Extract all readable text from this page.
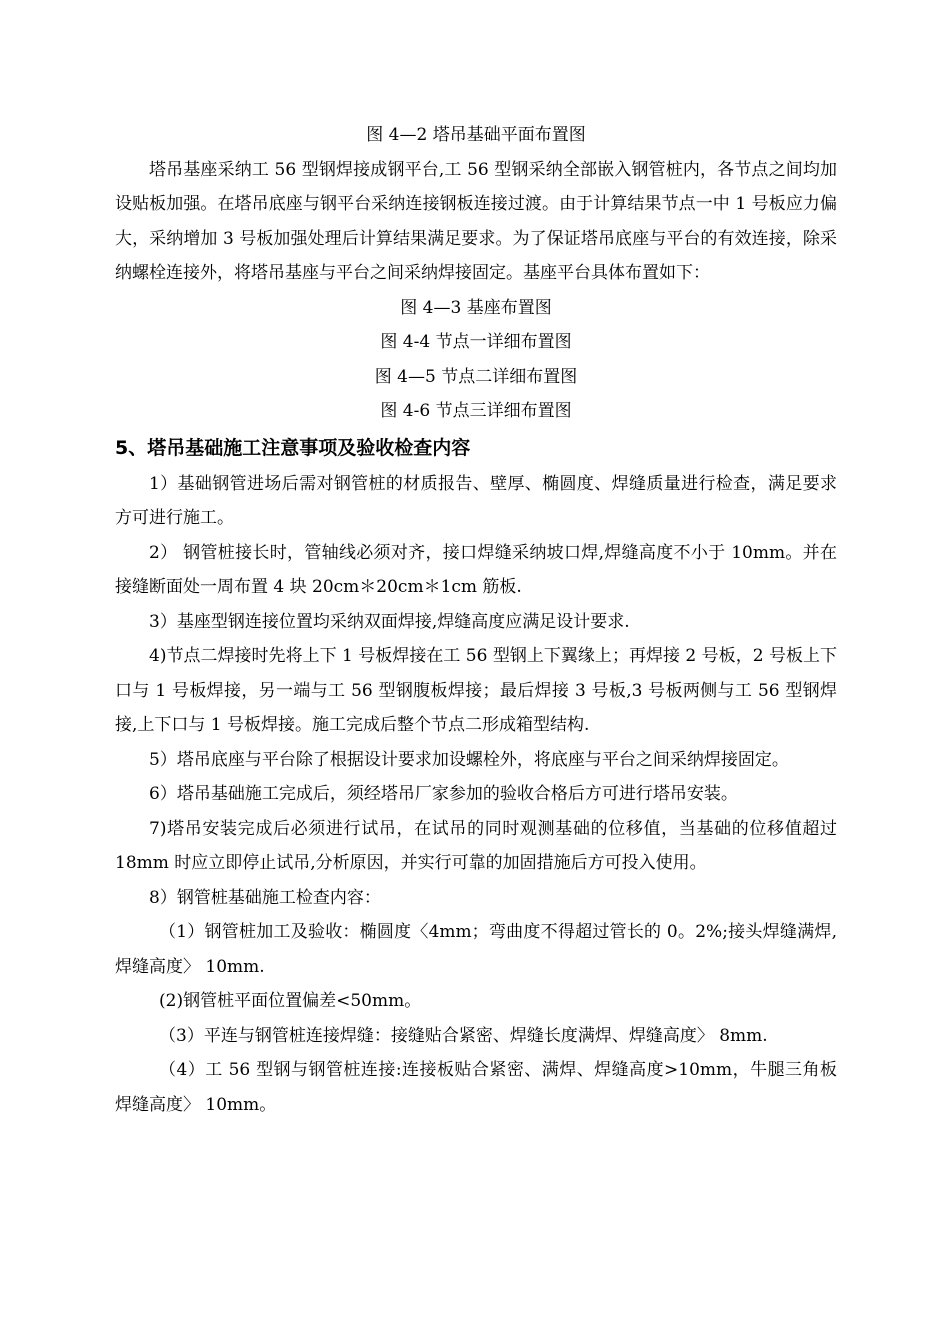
图 4—2 塔吊基础平面布置图

塔吊基座采纳工 56 型钢焊接成钢平台,工 56 型钢采纳全部嵌入钢管桩内，各节点之间均加设贴板加强。在塔吊底座与钢平台采纳连接钢板连接过渡。由于计算结果节点一中 1 号板应力偏大，采纳增加 3 号板加强处理后计算结果满足要求。为了保证塔吊底座与平台的有效连接，除采纳螺栓连接外，将塔吊基座与平台之间采纳焊接固定。基座平台具体布置如下：

图 4—3 基座布置图

图 4-4 节点一详细布置图

图 4—5 节点二详细布置图

图 4-6 节点三详细布置图

5、塔吊基础施工注意事项及验收检查内容

1）基础钢管进场后需对钢管桩的材质报告、壁厚、椭圆度、焊缝质量进行检查，满足要求方可进行施工。

2） 钢管桩接长时，管轴线必须对齐，接口焊缝采纳坡口焊,焊缝高度不小于 10mm。并在接缝断面处一周布置 4 块 20cm＊20cm＊1cm 筋板.

3）基座型钢连接位置均采纳双面焊接,焊缝高度应满足设计要求.

4)节点二焊接时先将上下 1 号板焊接在工 56 型钢上下翼缘上；再焊接 2 号板，2 号板上下口与 1 号板焊接，另一端与工 56 型钢腹板焊接；最后焊接 3 号板,3 号板两侧与工 56 型钢焊接,上下口与 1 号板焊接。施工完成后整个节点二形成箱型结构.

5）塔吊底座与平台除了根据设计要求加设螺栓外，将底座与平台之间采纳焊接固定。

6）塔吊基础施工完成后，须经塔吊厂家参加的验收合格后方可进行塔吊安装。

7)塔吊安装完成后必须进行试吊，在试吊的同时观测基础的位移值，当基础的位移值超过 18mm 时应立即停止试吊,分析原因，并实行可靠的加固措施后方可投入使用。

8）钢管桩基础施工检查内容：

（1）钢管桩加工及验收：椭圆度〈4mm；弯曲度不得超过管长的 0。2%;接头焊缝满焊,焊缝高度〉 10mm.

(2)钢管桩平面位置偏差<50mm。

（3）平连与钢管桩连接焊缝：接缝贴合紧密、焊缝长度满焊、焊缝高度〉 8mm.

（4）工 56 型钢与钢管桩连接:连接板贴合紧密、满焊、焊缝高度>10mm，牛腿三角板焊缝高度〉 10mm。
